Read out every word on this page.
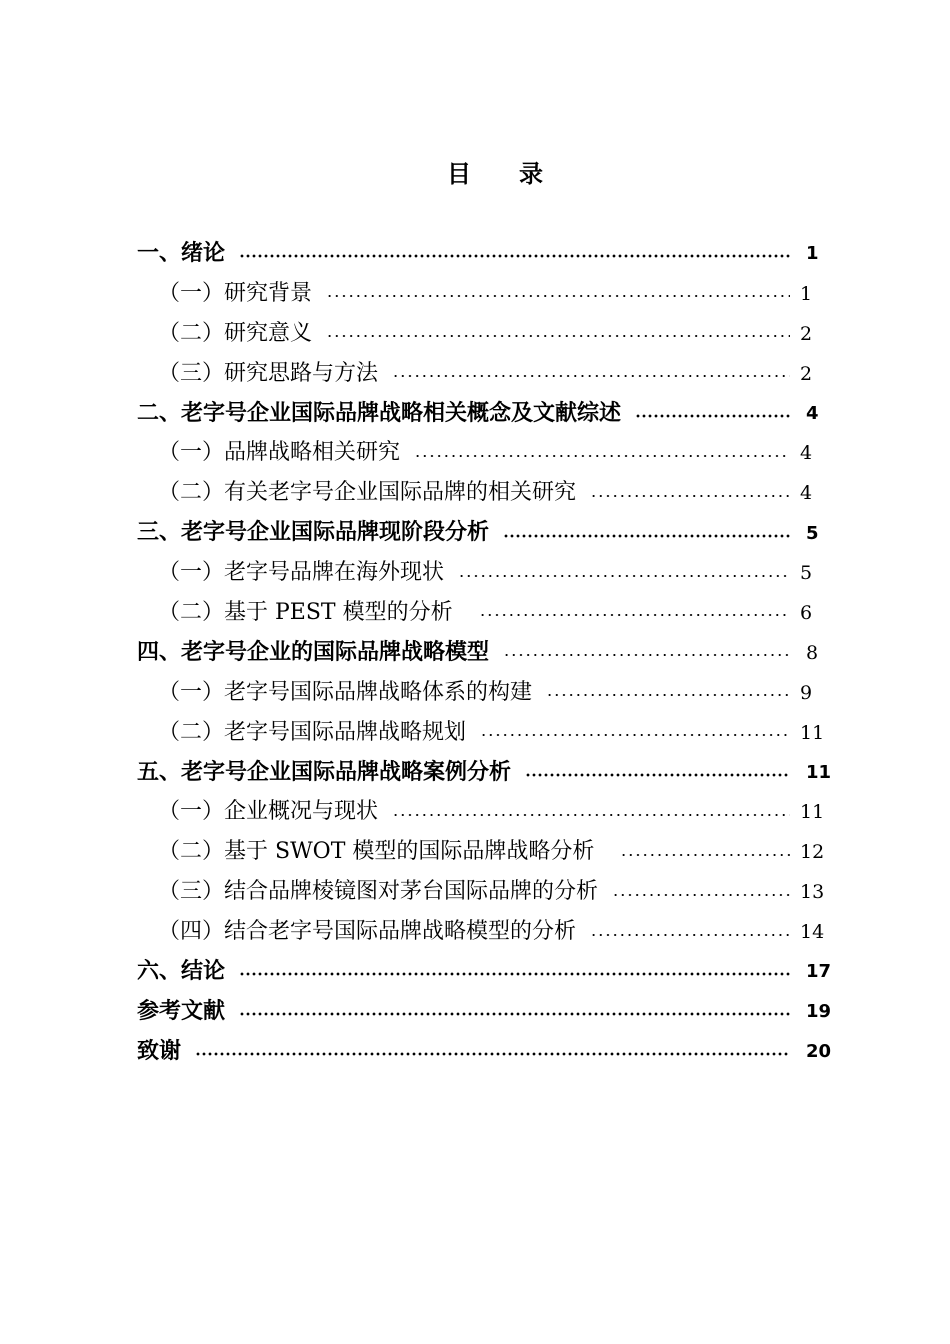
目　　录
一、绪论	1
（一）研究背景	1
（二）研究意义	2
（三）研究思路与方法	2
二、老字号企业国际品牌战略相关概念及文献综述	4
（一）品牌战略相关研究	4
（二）有关老字号企业国际品牌的相关研究	4
三、老字号企业国际品牌现阶段分析	5
（一）老字号品牌在海外现状	5
（二）基于 PEST 模型的分析	6
四、老字号企业的国际品牌战略模型	8
（一）老字号国际品牌战略体系的构建	9
（二）老字号国际品牌战略规划	11
五、老字号企业国际品牌战略案例分析	11
（一）企业概况与现状	11
（二）基于 SWOT 模型的国际品牌战略分析	12
（三）结合品牌棱镜图对茅台国际品牌的分析	13
（四）结合老字号国际品牌战略模型的分析	14
六、结论	17
参考文献	19
致谢	20
